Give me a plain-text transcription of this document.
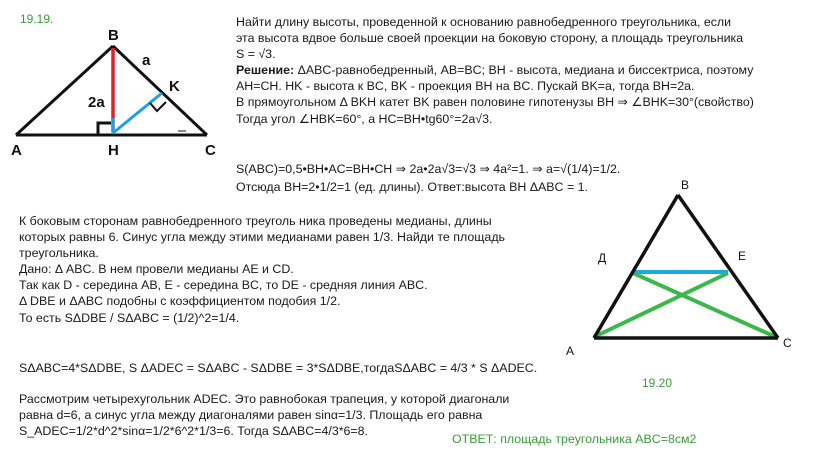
B
a
K
2a
A	H	C
19.19.	Найти длину высоты, проведенной к основанию равнобедренного треугольника, если
эта высота вдвое больше своей проекции на боковую сторону, а площадь треугольника
S = √3.
Решение: ΔABC-равнобедренный, AB=BC; BH - высота, медиана и биссектриса, поэтому
AH=CH. HK - высота к BC, BK - проекция BH на BC. Пускай BK=a, тогда BH=2a.
В прямоугольном Δ BKH катет BK равен половине гипотенузы BH ⇒ ∠BHK=30°(свойство)
Тогда угол ∠HBK=60°, а HC=BH•tg60°=2a√3.
S(ABC)=0,5•BH•AC=BH•CH ⇒ 2a•2a√3=√3 ⇒ 4a²=1. ⇒ a=√(1/4)=1/2.
Отсюда BH=2•1/2=1 (ед. длины). Ответ:высота BH ΔABC = 1.
К боковым сторонам равнобедренного треуголь ника проведены медианы, длины
которых равны 6. Синус угла между этими медианами равен 1/3. Найди те площадь
треугольника.
Дано: Δ ABC. В нем провели медианы AE и CD.
Так как D - середина AB, E - середина BC, то DE - средняя линия ABC.
Δ DBE и ΔABC подобны с коэффициентом подобия 1/2.
То есть SΔDBE / SΔABC = (1/2)^2=1/4.
SΔABC=4*SΔDBE, S ΔADEC = SΔABC - SΔDBE = 3*SΔDBE,тогдаSΔABC = 4/3 * S ΔADEC.
Рассмотрим четырехугольник ADEC. Это равнобокая трапеция, у которой диагонали
равна d=6, а синус угла между диагоналями равен sinα=1/3. Площадь его равна
S_ADEC=1/2*d^2*sinα=1/2*6^2*1/3=6. Тогда SΔABC=4/3*6=8.
ОТВЕТ: площадь треугольника ABC=8см2
B
Д	E
A
C
19.20
